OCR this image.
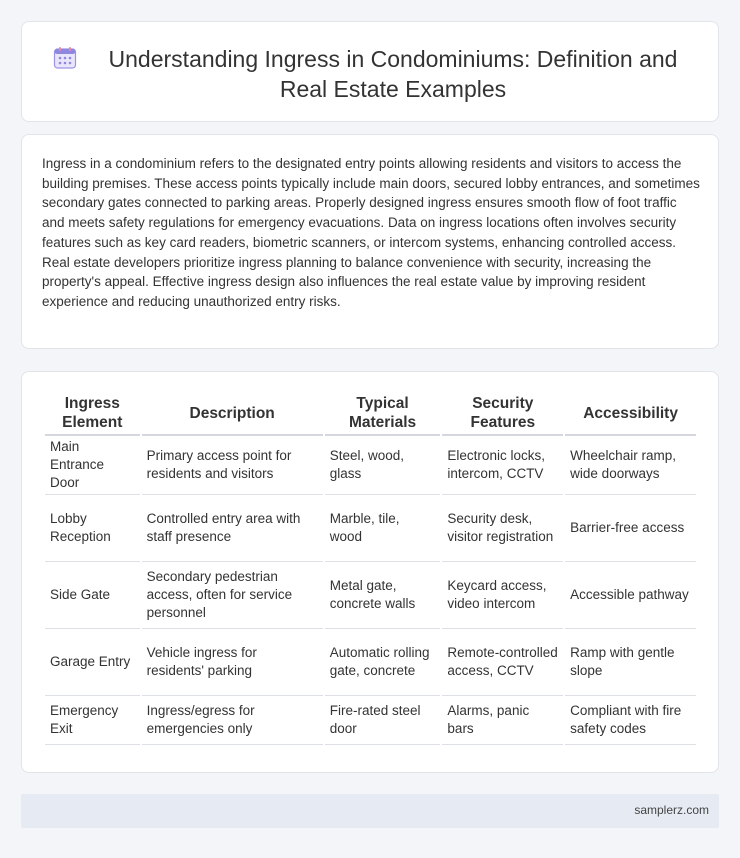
Understanding Ingress in Condominiums: Definition and Real Estate Examples

Ingress in a condominium refers to the designated entry points allowing residents and visitors to access the building premises. These access points typically include main doors, secured lobby entrances, and sometimes secondary gates connected to parking areas. Properly designed ingress ensures smooth flow of foot traffic and meets safety regulations for emergency evacuations. Data on ingress locations often involves security features such as key card readers, biometric scanners, or intercom systems, enhancing controlled access. Real estate developers prioritize ingress planning to balance convenience with security, increasing the property's appeal. Effective ingress design also influences the real estate value by improving resident experience and reducing unauthorized entry risks.

Ingress Element	Description	Typical Materials	Security Features	Accessibility
Main Entrance Door	Primary access point for residents and visitors	Steel, wood, glass	Electronic locks, intercom, CCTV	Wheelchair ramp, wide doorways
Lobby Reception	Controlled entry area with staff presence	Marble, tile, wood	Security desk, visitor registration	Barrier-free access
Side Gate	Secondary pedestrian access, often for service personnel	Metal gate, concrete walls	Keycard access, video intercom	Accessible pathway
Garage Entry	Vehicle ingress for residents' parking	Automatic rolling gate, concrete	Remote-controlled access, CCTV	Ramp with gentle slope
Emergency Exit	Ingress/egress for emergencies only	Fire-rated steel door	Alarms, panic bars	Compliant with fire safety codes
samplerz.com
